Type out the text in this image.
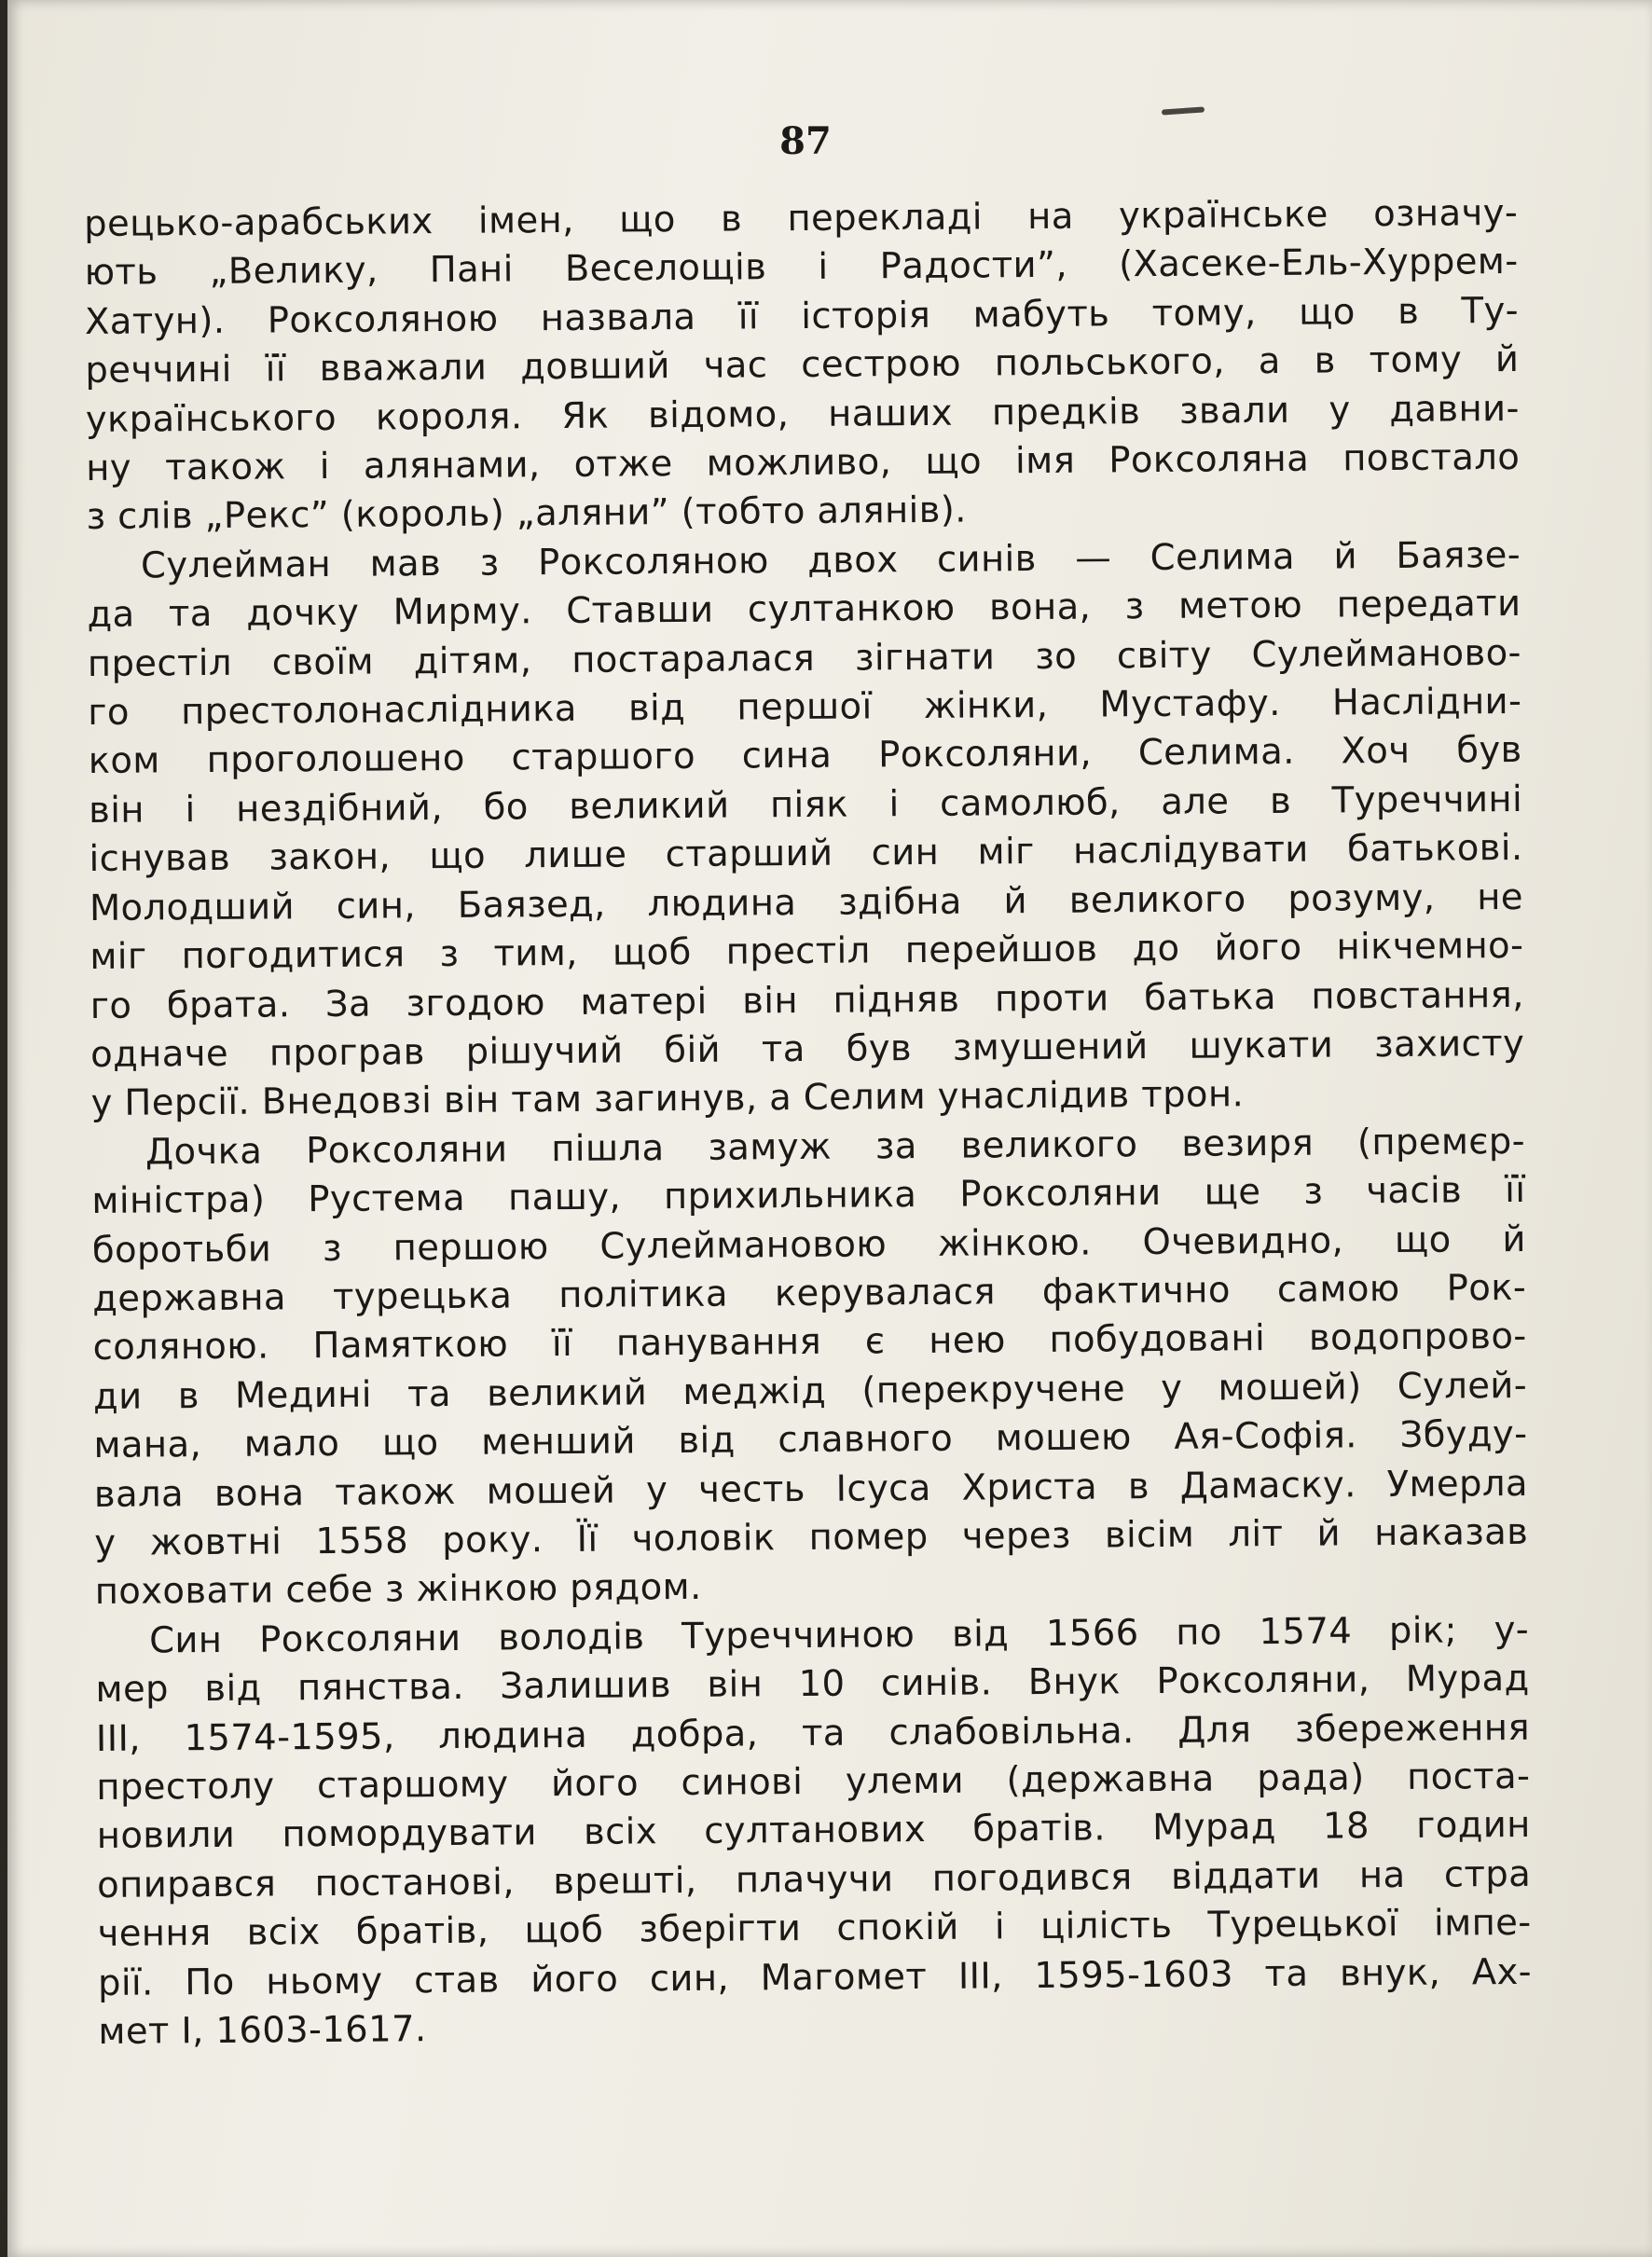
87

рецько-арабських імен, що в перекладі на українське означу-
ють „Велику, Пані Веселощів і Радости”, (Хасеке-Ель-Хуррем-
Хатун). Роксоляною назвала її історія мабуть тому, що в Ту-
реччині її вважали довший час сестрою польського, а в тому й
українського короля. Як відомо, наших предків звали у давни-
ну також і алянами, отже можливо, що імя Роксоляна повстало
з слів „Рекс” (король) „аляни” (тобто алянів).

Сулейман мав з Роксоляною двох синів — Селима й Баязе-
да та дочку Мирму. Ставши султанкою вона, з метою передати
престіл своїм дітям, постаралася зігнати зо світу Сулейманово-
го престолонаслідника від першої жінки, Мустафу. Наслідни-
ком проголошено старшого сина Роксоляни, Селима. Хоч був
він і нездібний, бо великий піяк і самолюб, але в Туреччині
існував закон, що лише старший син міг наслідувати батькові.
Молодший син, Баязед, людина здібна й великого розуму, не
міг погодитися з тим, щоб престіл перейшов до його нікчемно-
го брата. За згодою матері він підняв проти батька повстання,
одначе програв рішучий бій та був змушений шукати захисту
у Персії. Внедовзі він там загинув, а Селим унаслідив трон.

Дочка Роксоляни пішла замуж за великого везиря (премєр-
міністра) Рустема пашу, прихильника Роксоляни ще з часів її
боротьби з першою Сулеймановою жінкою. Очевидно, що й
державна турецька політика керувалася фактично самою Рок-
соляною. Памяткою її панування є нею побудовані водопрово-
ди в Медині та великий меджід (перекручене у мошей) Сулей-
мана, мало що менший від славного мошею Ая-Софія. Збуду-
вала вона також мошей у честь Ісуса Христа в Дамаску. Умерла
у жовтні 1558 року. Її чоловік помер через вісім літ й наказав
поховати себе з жінкою рядом.

Син Роксоляни володів Туреччиною від 1566 по 1574 рік; у-
мер від пянства. Залишив він 10 синів. Внук Роксоляни, Мурад
III, 1574-1595, людина добра, та слабовільна. Для збереження
престолу старшому його синові улеми (державна рада) поста-
новили помордувати всіх султанових братів. Мурад 18 годин
опирався постанові, врешті, плачучи погодився віддати на стра
чення всіх братів, щоб зберігти спокій і цілість Турецької імпе-
рії. По ньому став його син, Магомет III, 1595-1603 та внук, Ах-
мет I, 1603-1617.
